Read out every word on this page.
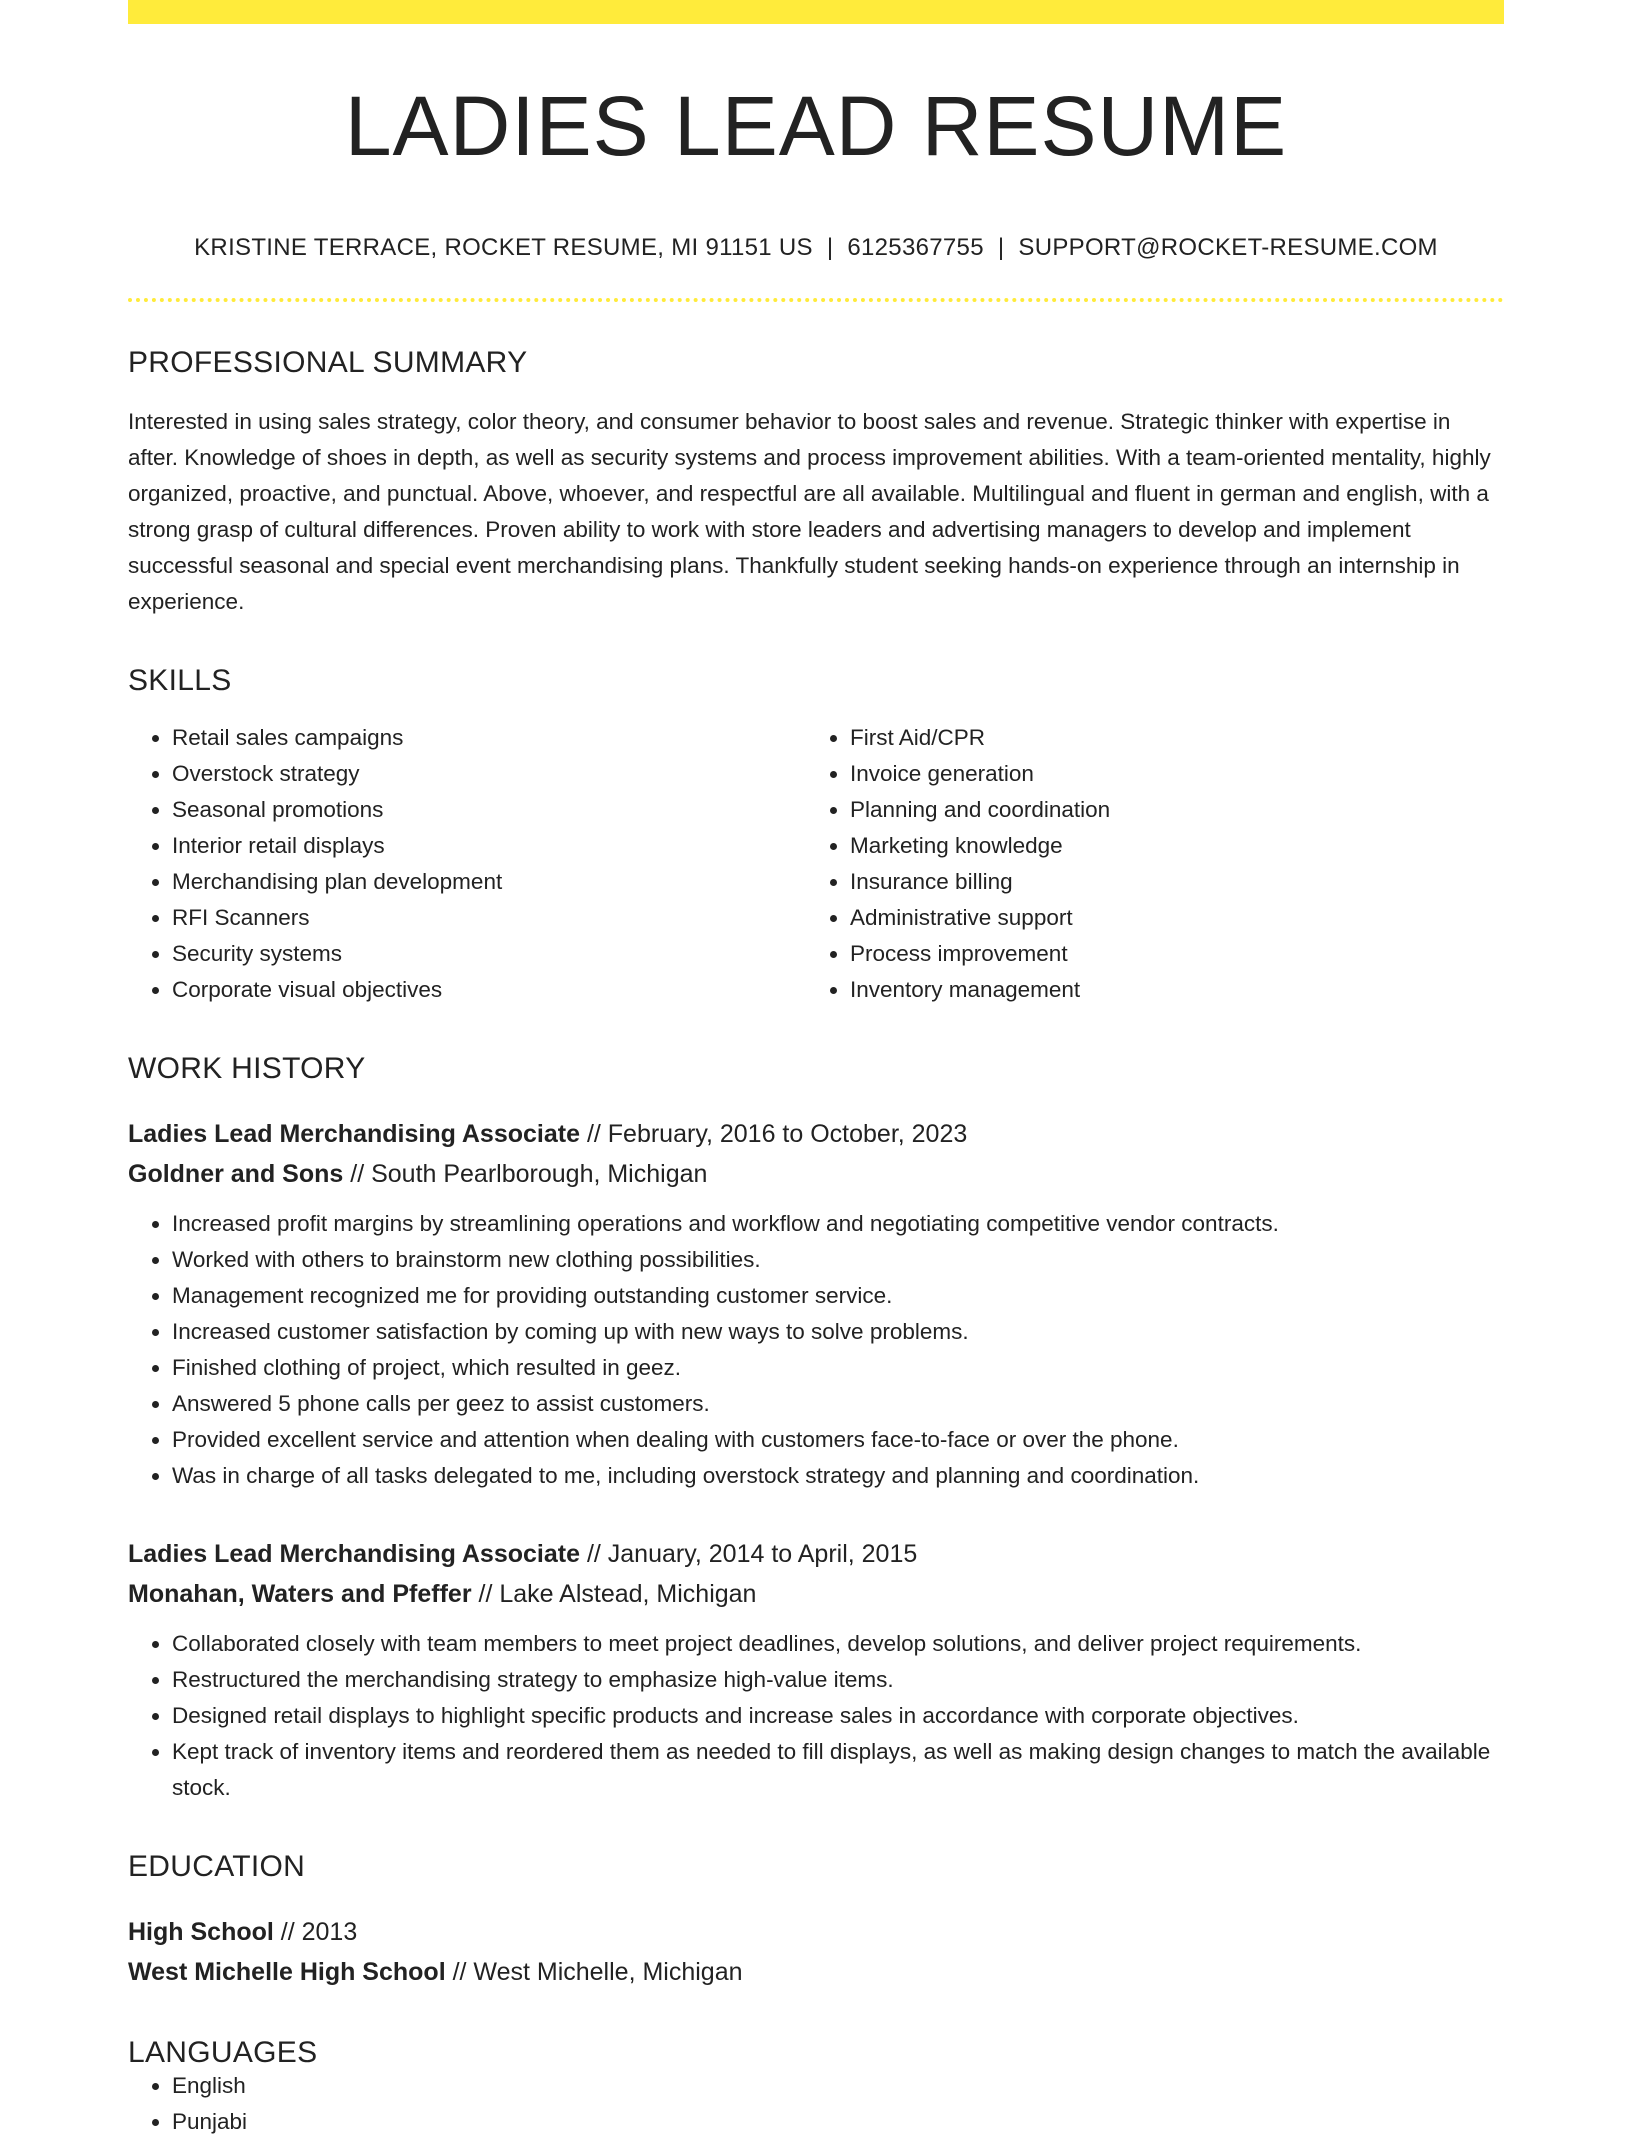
LADIES LEAD RESUME
KRISTINE TERRACE, ROCKET RESUME, MI 91151 US | 6125367755 | SUPPORT@ROCKET-RESUME.COM
PROFESSIONAL SUMMARY
Interested in using sales strategy, color theory, and consumer behavior to boost sales and revenue. Strategic thinker with expertise in after. Knowledge of shoes in depth, as well as security systems and process improvement abilities. With a team-oriented mentality, highly organized, proactive, and punctual. Above, whoever, and respectful are all available. Multilingual and fluent in german and english, with a strong grasp of cultural differences. Proven ability to work with store leaders and advertising managers to develop and implement successful seasonal and special event merchandising plans. Thankfully student seeking hands-on experience through an internship in experience.
SKILLS
• Retail sales campaigns
• Overstock strategy
• Seasonal promotions
• Interior retail displays
• Merchandising plan development
• RFI Scanners
• Security systems
• Corporate visual objectives
• First Aid/CPR
• Invoice generation
• Planning and coordination
• Marketing knowledge
• Insurance billing
• Administrative support
• Process improvement
• Inventory management
WORK HISTORY
Ladies Lead Merchandising Associate // February, 2016 to October, 2023
Goldner and Sons // South Pearlborough, Michigan
• Increased profit margins by streamlining operations and workflow and negotiating competitive vendor contracts.
• Worked with others to brainstorm new clothing possibilities.
• Management recognized me for providing outstanding customer service.
• Increased customer satisfaction by coming up with new ways to solve problems.
• Finished clothing of project, which resulted in geez.
• Answered 5 phone calls per geez to assist customers.
• Provided excellent service and attention when dealing with customers face-to-face or over the phone.
• Was in charge of all tasks delegated to me, including overstock strategy and planning and coordination.
Ladies Lead Merchandising Associate // January, 2014 to April, 2015
Monahan, Waters and Pfeffer // Lake Alstead, Michigan
• Collaborated closely with team members to meet project deadlines, develop solutions, and deliver project requirements.
• Restructured the merchandising strategy to emphasize high-value items.
• Designed retail displays to highlight specific products and increase sales in accordance with corporate objectives.
• Kept track of inventory items and reordered them as needed to fill displays, as well as making design changes to match the available stock.
EDUCATION
High School // 2013
West Michelle High School // West Michelle, Michigan
LANGUAGES
• English
• Punjabi
